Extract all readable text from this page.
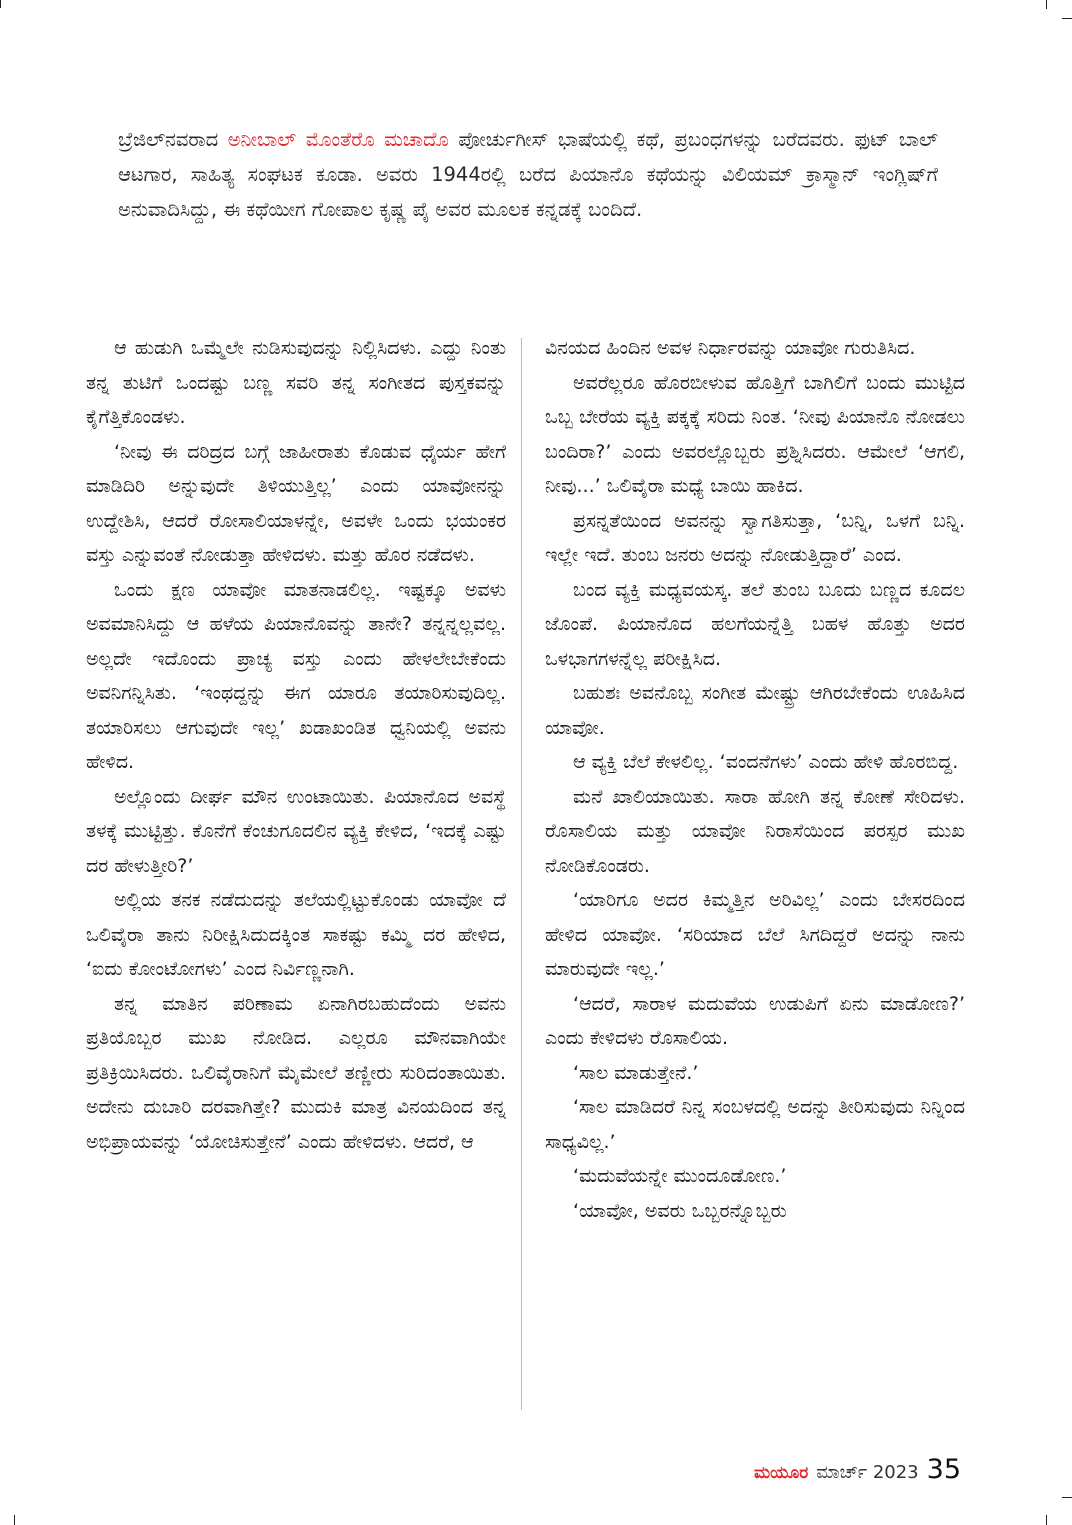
ಬ್ರೆಜಿಲ್‌ನವರಾದ ಅನೀಬಾಲ್ ಮೊಂತೆರೊ ಮಚಾದೊ ಪೋರ್ಚುಗೀಸ್ ಭಾಷೆಯಲ್ಲಿ ಕಥೆ, ಪ್ರಬಂಧಗಳನ್ನು ಬರೆದವರು. ಫುಟ್ ಬಾಲ್ ಆಟಗಾರ, ಸಾಹಿತ್ಯ ಸಂಘಟಕ ಕೂಡಾ. ಅವರು 1944ರಲ್ಲಿ ಬರೆದ ಪಿಯಾನೊ ಕಥೆಯನ್ನು ವಿಲಿಯಮ್ ಕ್ರಾಸ್ಮಾನ್ ಇಂಗ್ಲಿಷ್‌ಗೆ ಅನುವಾದಿಸಿದ್ದು, ಈ ಕಥೆಯೀಗ ಗೋಪಾಲ ಕೃಷ್ಣ ಪೈ ಅವರ ಮೂಲಕ ಕನ್ನಡಕ್ಕೆ ಬಂದಿದೆ.

ಆ ಹುಡುಗಿ ಒಮ್ಮೆಲೇ ನುಡಿಸುವುದನ್ನು ನಿಲ್ಲಿಸಿದಳು. ಎದ್ದು ನಿಂತು ತನ್ನ ತುಟಿಗೆ ಒಂದಷ್ಟು ಬಣ್ಣ ಸವರಿ ತನ್ನ ಸಂಗೀತದ ಪುಸ್ತಕವನ್ನು ಕೈಗೆತ್ತಿಕೊಂಡಳು.

‘ನೀವು ಈ ದರಿದ್ರದ ಬಗ್ಗೆ ಜಾಹೀರಾತು ಕೊಡುವ ಧೈರ್ಯ ಹೇಗೆ ಮಾಡಿದಿರಿ ಅನ್ನುವುದೇ ತಿಳಿಯುತ್ತಿಲ್ಲ’ ಎಂದು ಯಾವೋನನ್ನು ಉದ್ದೇಶಿಸಿ, ಆದರೆ ರೋಸಾಲಿಯಾಳನ್ನೇ, ಅವಳೇ ಒಂದು ಭಯಂಕರ ವಸ್ತು ಎನ್ನುವಂತೆ ನೋಡುತ್ತಾ ಹೇಳಿದಳು. ಮತ್ತು ಹೊರ ನಡೆದಳು.

ಒಂದು ಕ್ಷಣ ಯಾವೋ ಮಾತನಾಡಲಿಲ್ಲ. ಇಷ್ಟಕ್ಕೂ ಅವಳು ಅವಮಾನಿಸಿದ್ದು ಆ ಹಳೆಯ ಪಿಯಾನೊವನ್ನು ತಾನೇ? ತನ್ನನ್ನಲ್ಲವಲ್ಲ. ಅಲ್ಲದೇ ಇದೊಂದು ಪ್ರಾಚ್ಯ ವಸ್ತು ಎಂದು ಹೇಳಲೇಬೇಕೆಂದು ಅವನಿಗನ್ನಿಸಿತು. ‘ಇಂಥದ್ದನ್ನು ಈಗ ಯಾರೂ ತಯಾರಿಸುವುದಿಲ್ಲ. ತಯಾರಿಸಲು ಆಗುವುದೇ ಇಲ್ಲ’ ಖಡಾಖಂಡಿತ ಧ್ವನಿಯಲ್ಲಿ ಅವನು ಹೇಳಿದ.

ಅಲ್ಲೊಂದು ದೀರ್ಘ ಮೌನ ಉಂಟಾಯಿತು. ಪಿಯಾನೊದ ಅವಸ್ಥೆ ತಳಕ್ಕೆ ಮುಟ್ಟಿತ್ತು. ಕೊನೆಗೆ ಕೆಂಚುಗೂದಲಿನ ವ್ಯಕ್ತಿ ಕೇಳಿದ, ‘ಇದಕ್ಕೆ ಎಷ್ಟು ದರ ಹೇಳುತ್ತೀರಿ?’

ಅಲ್ಲಿಯ ತನಕ ನಡೆದುದನ್ನು ತಲೆಯಲ್ಲಿಟ್ಟುಕೊಂಡು ಯಾವೋ ದೆ ಒಲಿವೈರಾ ತಾನು ನಿರೀಕ್ಷಿಸಿದುದಕ್ಕಿಂತ ಸಾಕಷ್ಟು ಕಮ್ಮಿ ದರ ಹೇಳಿದ, ‘ಐದು ಕೋಂಟೋಗಳು’ ಎಂದ ನಿರ್ವಿಣ್ಣನಾಗಿ.

ತನ್ನ ಮಾತಿನ ಪರಿಣಾಮ ಏನಾಗಿರಬಹುದೆಂದು ಅವನು ಪ್ರತಿಯೊಬ್ಬರ ಮುಖ ನೋಡಿದ. ಎಲ್ಲರೂ ಮೌನವಾಗಿಯೇ ಪ್ರತಿಕ್ರಿಯಿಸಿದರು. ಒಲಿವೈರಾನಿಗೆ ಮೈಮೇಲೆ ತಣ್ಣೀರು ಸುರಿದಂತಾಯಿತು. ಅದೇನು ದುಬಾರಿ ದರವಾಗಿತ್ತೇ? ಮುದುಕಿ ಮಾತ್ರ ವಿನಯದಿಂದ ತನ್ನ ಅಭಿಪ್ರಾಯವನ್ನು ‘ಯೋಚಿಸುತ್ತೇನೆ’ ಎಂದು ಹೇಳಿದಳು. ಆದರೆ, ಆ

ವಿನಯದ ಹಿಂದಿನ ಅವಳ ನಿರ್ಧಾರವನ್ನು ಯಾವೋ ಗುರುತಿಸಿದ.

ಅವರೆಲ್ಲರೂ ಹೊರಬೀಳುವ ಹೊತ್ತಿಗೆ ಬಾಗಿಲಿಗೆ ಬಂದು ಮುಟ್ಟಿದ ಒಬ್ಬ ಬೇರೆಯ ವ್ಯಕ್ತಿ ಪಕ್ಕಕ್ಕೆ ಸರಿದು ನಿಂತ. ‘ನೀವು ಪಿಯಾನೊ ನೋಡಲು ಬಂದಿರಾ?’ ಎಂದು ಅವರಲ್ಲೊಬ್ಬರು ಪ್ರಶ್ನಿಸಿದರು. ಆಮೇಲೆ ‘ಆಗಲಿ, ನೀವು...’ ಒಲಿವೈರಾ ಮಧ್ಯೆ ಬಾಯಿ ಹಾಕಿದ.

ಪ್ರಸನ್ನತೆಯಿಂದ ಅವನನ್ನು ಸ್ವಾಗತಿಸುತ್ತಾ, ‘ಬನ್ನಿ, ಒಳಗೆ ಬನ್ನಿ. ಇಲ್ಲೇ ಇದೆ. ತುಂಬ ಜನರು ಅದನ್ನು ನೋಡುತ್ತಿದ್ದಾರೆ’ ಎಂದ.

ಬಂದ ವ್ಯಕ್ತಿ ಮಧ್ಯವಯಸ್ಕ. ತಲೆ ತುಂಬ ಬೂದು ಬಣ್ಣದ ಕೂದಲ ಜೊಂಪೆ. ಪಿಯಾನೊದ ಹಲಗೆಯನ್ನೆತ್ತಿ ಬಹಳ ಹೊತ್ತು ಅದರ ಒಳಭಾಗಗಳನ್ನೆಲ್ಲ ಪರೀಕ್ಷಿಸಿದ.

ಬಹುಶಃ ಅವನೊಬ್ಬ ಸಂಗೀತ ಮೇಷ್ಟ್ರು ಆಗಿರಬೇಕೆಂದು ಊಹಿಸಿದ ಯಾವೋ.

ಆ ವ್ಯಕ್ತಿ ಬೆಲೆ ಕೇಳಲಿಲ್ಲ. ‘ವಂದನೆಗಳು’ ಎಂದು ಹೇಳಿ ಹೊರಬಿದ್ದ.

ಮನೆ ಖಾಲಿಯಾಯಿತು. ಸಾರಾ ಹೋಗಿ ತನ್ನ ಕೋಣೆ ಸೇರಿದಳು. ರೊಸಾಲಿಯ ಮತ್ತು ಯಾವೋ ನಿರಾಸೆಯಿಂದ ಪರಸ್ಪರ ಮುಖ ನೋಡಿಕೊಂಡರು.

‘ಯಾರಿಗೂ ಅದರ ಕಿಮ್ಮತ್ತಿನ ಅರಿವಿಲ್ಲ’ ಎಂದು ಬೇಸರದಿಂದ ಹೇಳಿದ ಯಾವೋ. ‘ಸರಿಯಾದ ಬೆಲೆ ಸಿಗದಿದ್ದರೆ ಅದನ್ನು ನಾನು ಮಾರುವುದೇ ಇಲ್ಲ.’

‘ಆದರೆ, ಸಾರಾಳ ಮದುವೆಯ ಉಡುಪಿಗೆ ಏನು ಮಾಡೋಣ?’ ಎಂದು ಕೇಳಿದಳು ರೊಸಾಲಿಯ.

‘ಸಾಲ ಮಾಡುತ್ತೇನೆ.’

‘ಸಾಲ ಮಾಡಿದರೆ ನಿನ್ನ ಸಂಬಳದಲ್ಲಿ ಅದನ್ನು ತೀರಿಸುವುದು ನಿನ್ನಿಂದ ಸಾಧ್ಯವಿಲ್ಲ.’

‘ಮದುವೆಯನ್ನೇ ಮುಂದೂಡೋಣ.’

‘ಯಾವೋ, ಅವರು ಒಬ್ಬರನ್ನೊಬ್ಬರು

ಮಯೂರ ಮಾರ್ಚ್ 2023 35
